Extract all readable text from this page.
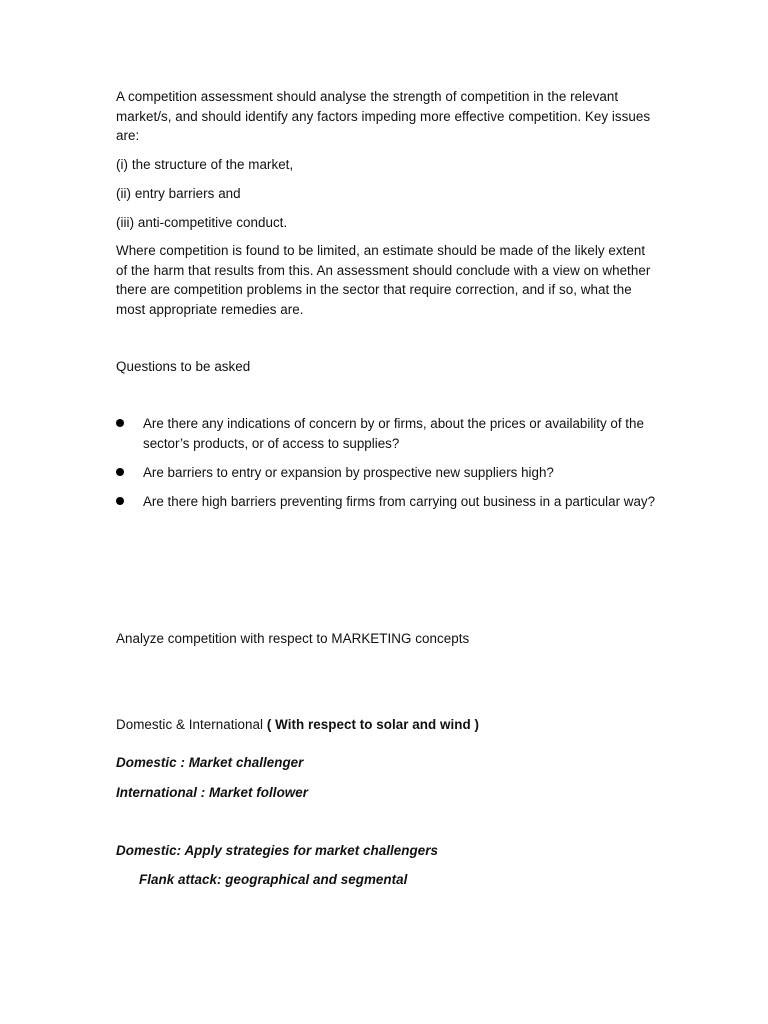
A competition assessment should analyse the strength of competition in the relevant market/s, and should identify any factors impeding more effective competition. Key issues are:

(i) the structure of the market,

(ii) entry barriers and

(iii) anti-competitive conduct.

Where competition is found to be limited, an estimate should be made of the likely extent of the harm that results from this. An assessment should conclude with a view on whether there are competition problems in the sector that require correction, and if so, what the most appropriate remedies are.

Questions to be asked

Are there any indications of concern by or firms, about the prices or availability of the sector’s products, or of access to supplies?
Are barriers to entry or expansion by prospective new suppliers high?
Are there high barriers preventing firms from carrying out business in a particular way?

Analyze competition with respect to MARKETING concepts

Domestic & International ( With respect to solar and wind )

Domestic : Market challenger

International : Market follower

Domestic: Apply strategies for market challengers

Flank attack: geographical and segmental
